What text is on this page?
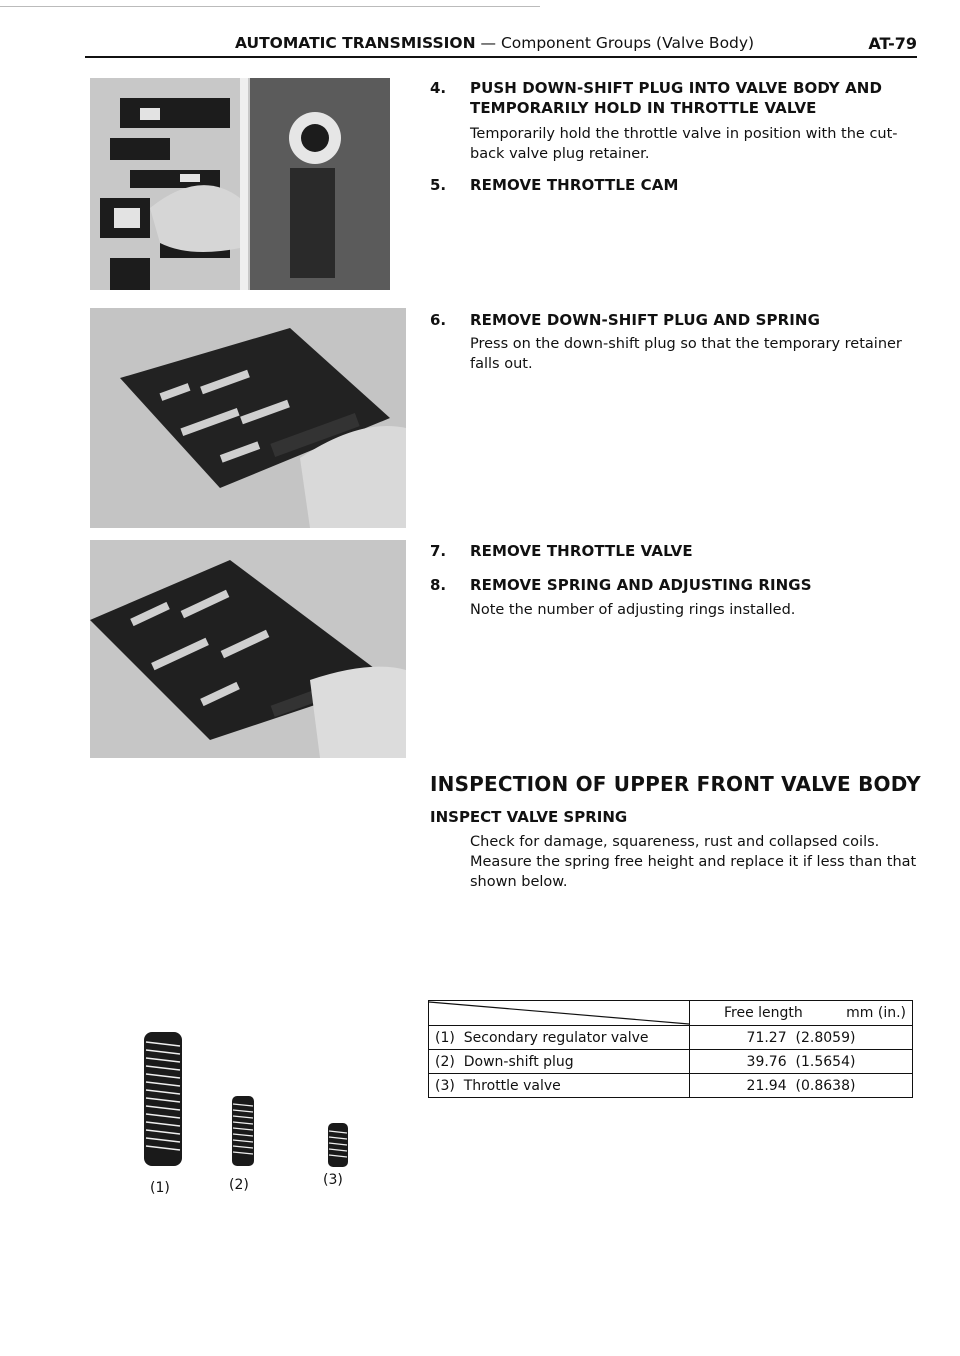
AUTOMATIC TRANSMISSION — Component Groups (Valve Body)	AT-79
4. PUSH DOWN-SHIFT PLUG INTO VALVE BODY AND TEMPORARILY HOLD IN THROTTLE VALVE
Temporarily hold the throttle valve in position with the cut-back valve plug retainer.
5. REMOVE THROTTLE CAM
6. REMOVE DOWN-SHIFT PLUG AND SPRING
Press on the down-shift plug so that the temporary retainer falls out.
7. REMOVE THROTTLE VALVE
8. REMOVE SPRING AND ADJUSTING RINGS
Note the number of adjusting rings installed.
INSPECTION OF UPPER FRONT VALVE BODY
INSPECT VALVE SPRING
Check for damage, squareness, rust and collapsed coils. Measure the spring free height and replace it if less than that shown below.
	Free length mm (in.)

(1) Secondary regulator valve	71.27 (2.8059)
(2) Down-shift plug	39.76 (1.5654)
(3) Throttle valve	21.94 (0.8638)
(1)	(2)	(3)
